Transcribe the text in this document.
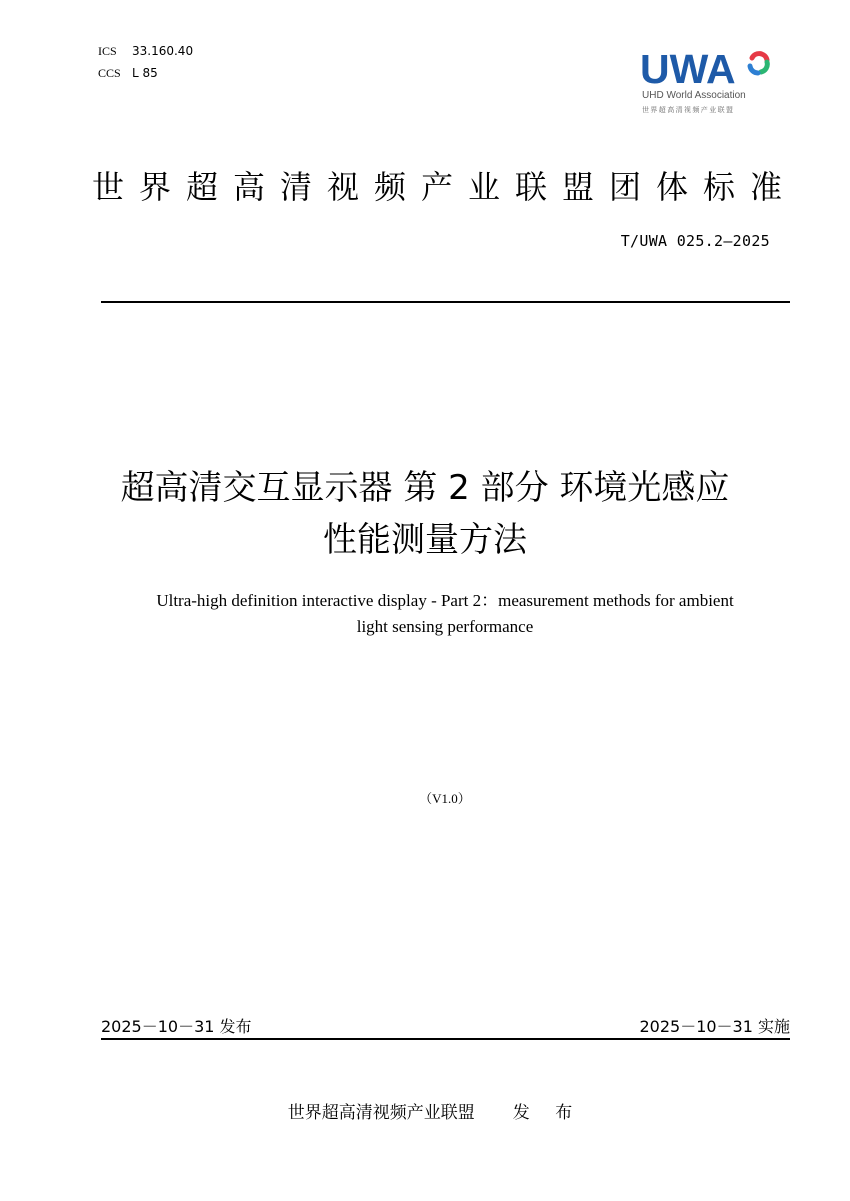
ICS 33.160.40
CCS L 85	UWA
UHD World Association
世界超高清视频产业联盟
世界超高清视频产业联盟团体标准
T/UWA 025.2—2025
超高清交互显示器 第 2 部分 环境光感应
性能测量方法
Ultra-high definition interactive display - Part 2：measurement methods for ambient
light sensing performance
（V1.0）
2025－10－31 发布	2025－10－31 实施
世界超高清视频产业联盟 发 布
